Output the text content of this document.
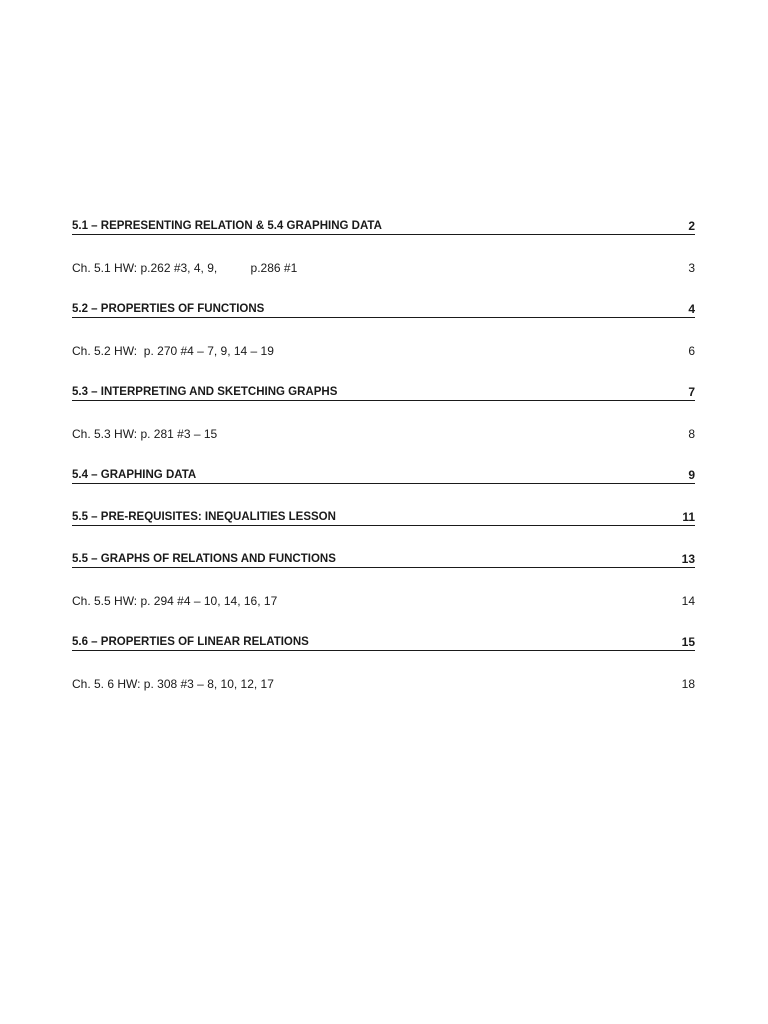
5.1 – REPRESENTING RELATION & 5.4 GRAPHING DATA	2
Ch. 5.1 HW: p.262 #3, 4, 9,          p.286 #1	3
5.2 – PROPERTIES OF FUNCTIONS	4
Ch. 5.2 HW:  p. 270 #4 – 7, 9, 14 – 19	6
5.3 – INTERPRETING AND SKETCHING GRAPHS	7
Ch. 5.3 HW: p. 281 #3 – 15	8
5.4 – GRAPHING DATA	9
5.5 – PRE-REQUISITES: INEQUALITIES LESSON	11
5.5 – GRAPHS OF RELATIONS AND FUNCTIONS	13
Ch. 5.5 HW: p. 294 #4 – 10, 14, 16, 17	14
5.6 – PROPERTIES OF LINEAR RELATIONS	15
Ch. 5. 6 HW: p. 308 #3 – 8, 10, 12, 17	18
